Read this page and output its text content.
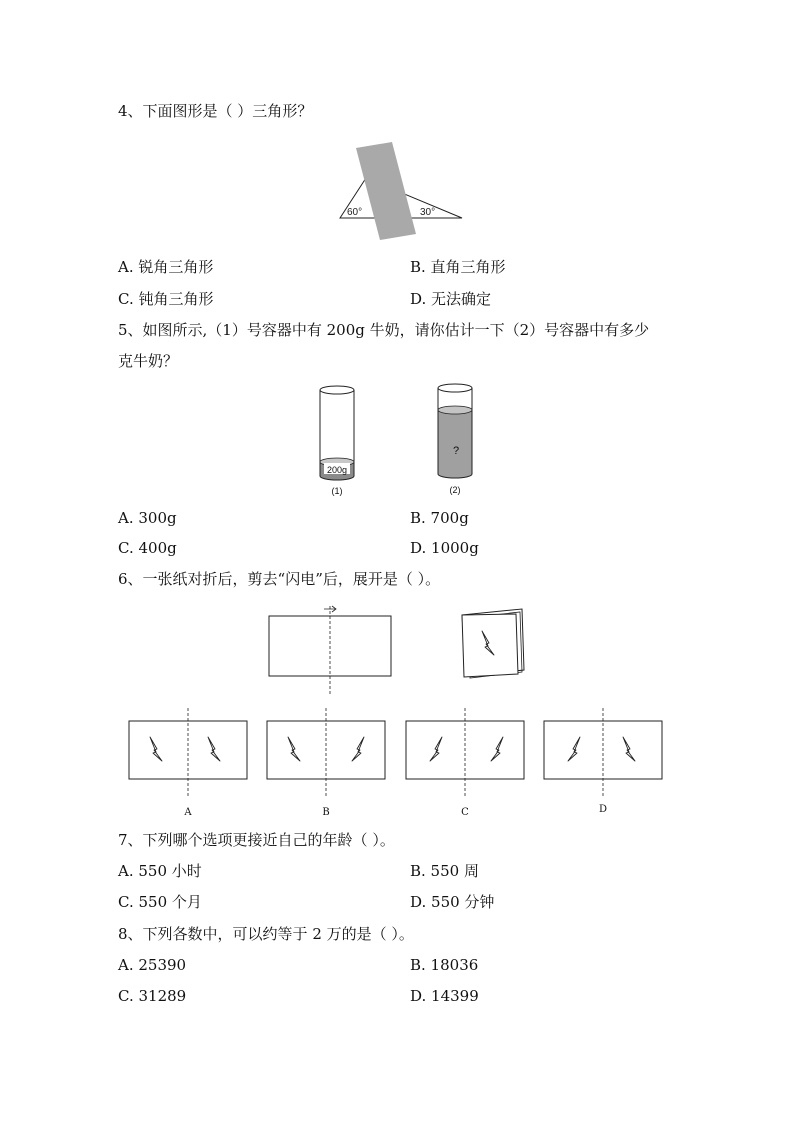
4、下面图形是（ ）三角形？
60°	30°
A. 锐角三角形	B. 直角三角形
C. 钝角三角形	D. 无法确定
5、如图所示,（1）号容器中有 200g 牛奶，请你估计一下（2）号容器中有多少
克牛奶？
200g
(1)
?
(2)
A. 300g	B. 700g
C. 400g	D. 1000g
6、一张纸对折后，剪去“闪电”后，展开是（ ）。
A	B	C	D
7、下列哪个选项更接近自己的年龄（ ）。
A. 550 小时	B. 550 周
C. 550 个月	D. 550 分钟
8、下列各数中，可以约等于 2 万的是（ ）。
A. 25390	B. 18036
C. 31289	D. 14399
